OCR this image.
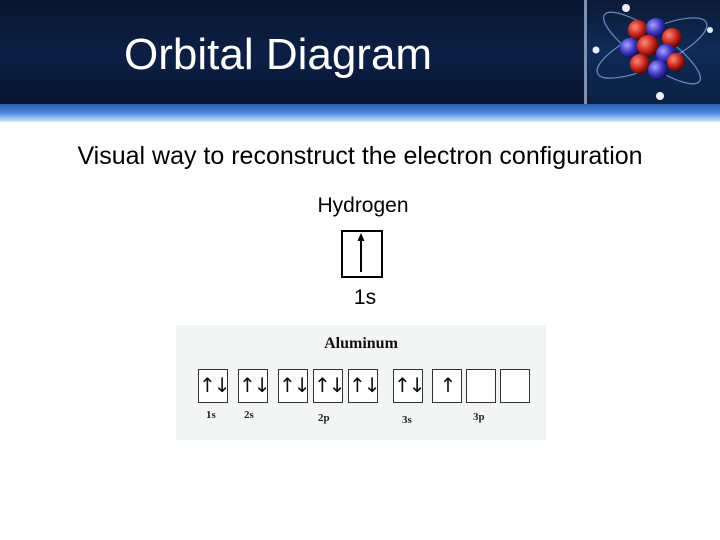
Orbital Diagram
Visual way to reconstruct the electron configuration
Hydrogen
1s
Aluminum
↑↓ ↑↓ ↑↓ ↑↓ ↑↓ ↑↓ ↑
1s	2s	2p	3s	3p
